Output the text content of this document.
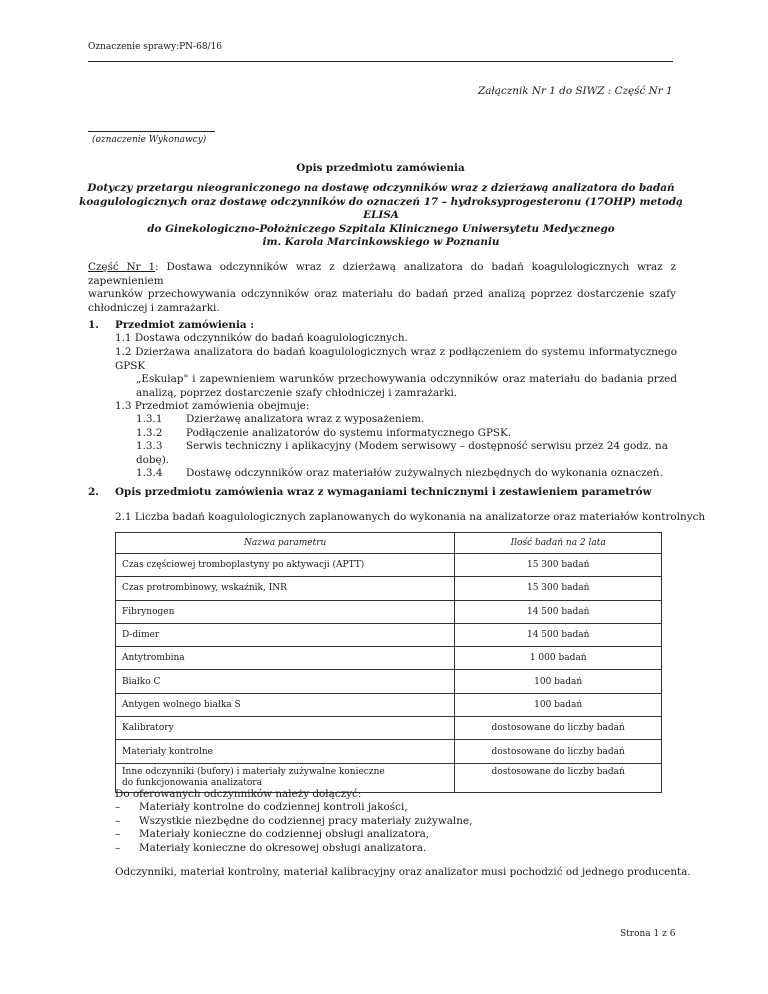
Oznaczenie sprawy:PN-68/16
Załącznik Nr 1 do SIWZ : Część Nr 1
(oznaczenie Wykonawcy)
Opis przedmiotu zamówienia
Dotyczy przetargu nieograniczonego na dostawę odczynników wraz z dzierżawą analizatora do badań
koagulologicznych oraz dostawę odczynników do oznaczeń 17 – hydroksyprogesteronu (17OHP) metodą ELISA
do Ginekologiczno-Położniczego Szpitala Klinicznego Uniwersytetu Medycznego
im. Karola Marcinkowskiego w Poznaniu
Część Nr 1: Dostawa odczynników wraz z dzierżawą analizatora do badań koagulologicznych wraz z zapewnieniem
warunków przechowywania odczynników oraz materiału do badań przed analizą poprzez dostarczenie szafy
chłodniczej i zamrażarki.
1. Przedmiot zamówienia :
1.1 Dostawa odczynników do badań koagulologicznych.
1.2 Dzierżawa analizatora do badań koagulologicznych wraz z podłączeniem do systemu informatycznego GPSK
„Eskulap" i zapewnieniem warunków przechowywania odczynników oraz materiału do badania przed
analizą, poprzez dostarczenie szafy chłodniczej i zamrażarki.
1.3 Przedmiot zamówienia obejmuje:
1.3.1 Dzierżawę analizatora wraz z wyposażeniem.
1.3.2 Podłączenie analizatorów do systemu informatycznego GPSK.
1.3.3 Serwis techniczny i aplikacyjny (Modem serwisowy – dostępność serwisu przez 24 godz. na dobę).
1.3.4 Dostawę odczynników oraz materiałów zużywalnych niezbędnych do wykonania oznaczeń.
2. Opis przedmiotu zamówienia wraz z wymaganiami technicznymi i zestawieniem parametrów
2.1 Liczba badań koagulologicznych zaplanowanych do wykonania na analizatorze oraz materiałów kontrolnych
Nazwa parametru	Ilość badań na 2 lata
Czas częściowej tromboplastyny po aktywacji (APTT)	15 300 badań
Czas protrombinowy, wskaźnik, INR	15 300 badań
Fibrynogen	14 500 badań
D-dimer	14 500 badań
Antytrombina	1 000 badań
Białko C	100 badań
Antygen wolnego białka S	100 badań
Kalibratory	dostosowane do liczby badań
Materiały kontrolne	dostosowane do liczby badań

Inne odczynniki (bufory) i materiały zużywalne konieczne
do funkcjonowania analizatora	dostosowane do liczby badań
Do oferowanych odczynników należy dołączyć:
– Materiały kontrolne do codziennej kontroli jakości,
– Wszystkie niezbędne do codziennej pracy materiały zużywalne,
– Materiały konieczne do codziennej obsługi analizatora,
– Materiały konieczne do okresowej obsługi analizatora.
Odczynniki, materiał kontrolny, materiał kalibracyjny oraz analizator musi pochodzić od jednego producenta.
Strona 1 z 6
